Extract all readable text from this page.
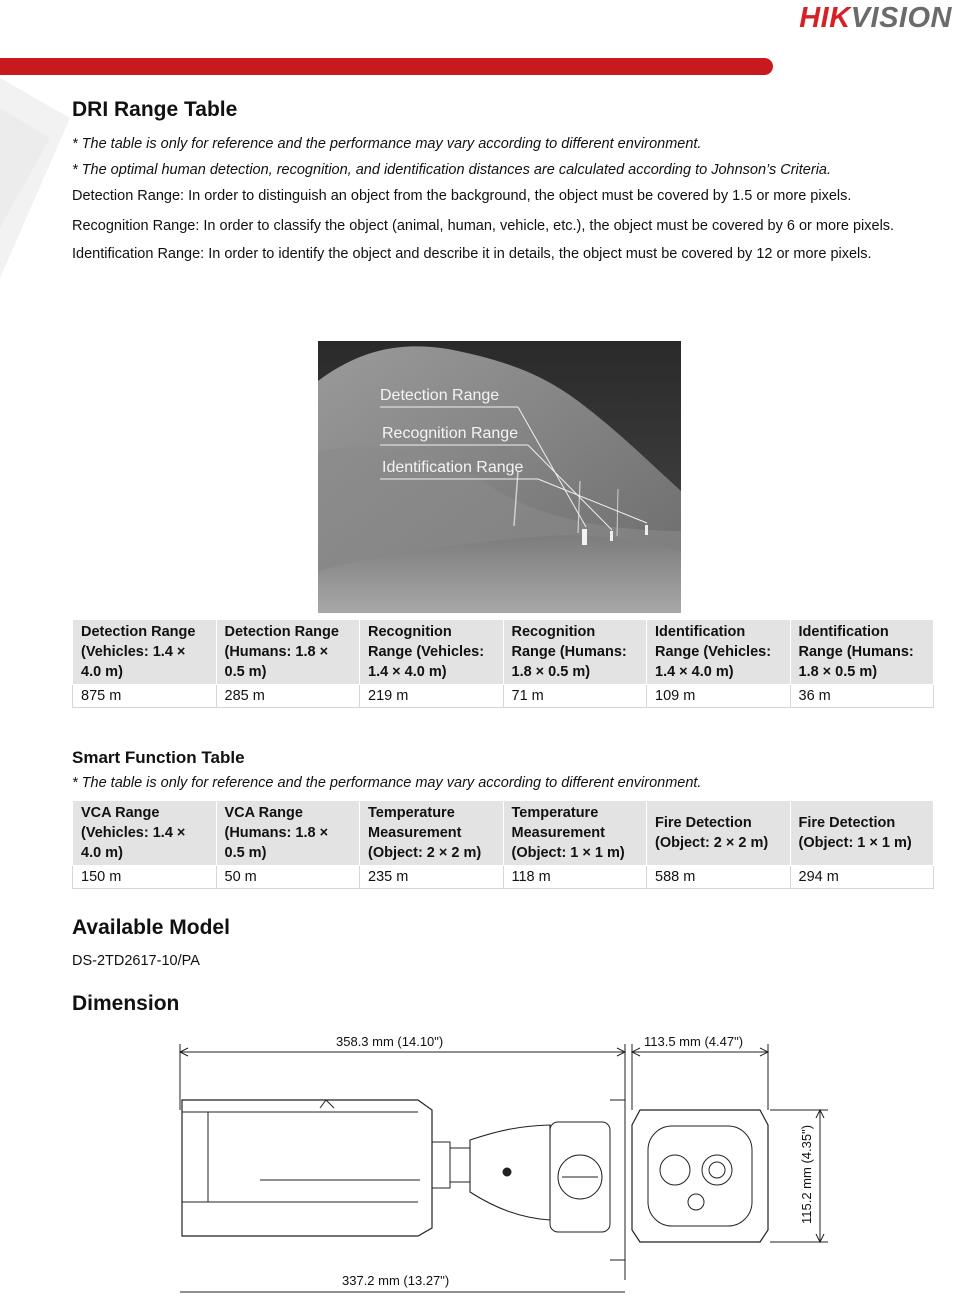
HIKVISION
DRI Range Table

* The table is only for reference and the performance may vary according to different environment.

* The optimal human detection, recognition, and identification distances are calculated according to Johnson’s Criteria.

Detection Range: In order to distinguish an object from the background, the object must be covered by 1.5 or more pixels.

Recognition Range: In order to classify the object (animal, human, vehicle, etc.), the object must be covered by 6 or more pixels.

Identification Range: In order to identify the object and describe it in details, the object must be covered by 12 or more pixels.

Detection Range
Recognition Range
Identification Range
Detection Range (Vehicles: 1.4 × 4.0 m)	Detection Range (Humans: 1.8 × 0.5 m)	Recognition Range (Vehicles: 1.4 × 4.0 m)	Recognition Range (Humans: 1.8 × 0.5 m)	Identification Range (Vehicles: 1.4 × 4.0 m)	Identification Range (Humans: 1.8 × 0.5 m)
875 m	285 m	219 m	71 m	109 m	36 m
Smart Function Table

* The table is only for reference and the performance may vary according to different environment.

VCA Range (Vehicles: 1.4 × 4.0 m)	VCA Range (Humans: 1.8 × 0.5 m)	Temperature Measurement (Object: 2 × 2 m)	Temperature Measurement (Object: 1 × 1 m)	Fire Detection (Object: 2 × 2 m)	Fire Detection (Object: 1 × 1 m)
150 m	50 m	235 m	118 m	588 m	294 m
Available Model

DS-2TD2617-10/PA

Dimension
358.3 mm (14.10")
337.2 mm (13.27")
113.5 mm (4.47")
115.2 mm (4.35")
